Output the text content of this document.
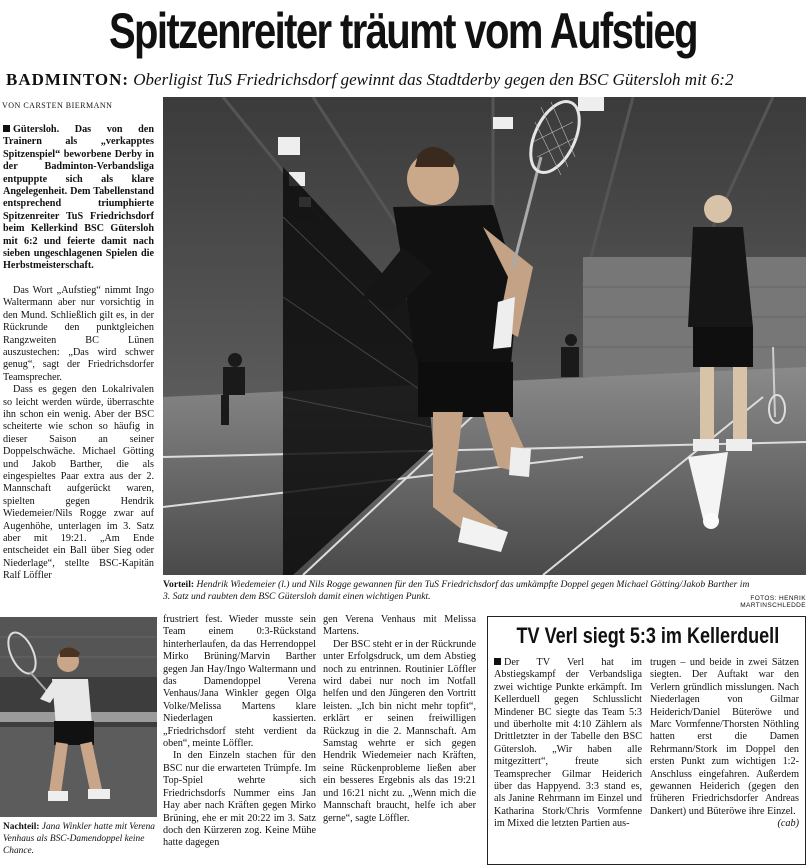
Spitzenreiter träumt vom Aufstieg
BADMINTON: Oberligist TuS Friedrichsdorf gewinnt das Stadtderby gegen den BSC Gütersloh mit 6:2
VON CARSTEN BIERMANN

Gütersloh. Das von den Trainern als „verkapptes Spitzenspiel“ beworbene Derby in der Badminton-Verbandsliga entpuppte sich als klare Angelegenheit. Dem Tabellenstand entsprechend triumphierte Spitzenreiter TuS Friedrichsdorf beim Kellerkind BSC Gütersloh mit 6:2 und feierte damit nach sieben ungeschlagenen Spielen die Herbstmeisterschaft.

Das Wort „Aufstieg“ nimmt Ingo Waltermann aber nur vorsichtig in den Mund. Schließlich gilt es, in der Rückrunde den punktgleichen Rangzweiten BC Lünen auszustechen: „Das wird schwer genug“, sagt der Friedrichsdorfer Teamsprecher.

Dass es gegen den Lokalrivalen so leicht werden würde, überraschte ihn schon ein wenig. Aber der BSC scheiterte wie schon so häufig in dieser Saison an seiner Doppelschwäche. Michael Götting und Jakob Barther, die als eingespieltes Paar extra aus der 2. Mannschaft aufgerückt waren, spielten gegen Hendrik Wiedemeier/Nils Rogge zwar auf Augenhöhe, unterlagen im 3. Satz aber mit 19:21. „Am Ende entscheidet ein Ball über Sieg oder Niederlage“, stellte BSC-Kapitän Ralf Löffler

Vorteil: Hendrik Wiedemeier (l.) und Nils Rogge gewannen für den TuS Friedrichsdorf das umkämpfte Doppel gegen Michael Götting/Jakob Barther im 3. Satz und raubten dem BSC Gütersloh damit einen wichtigen Punkt.	FOTOS: HENRIK MARTINSCHLEDDE
Nachteil: Jana Winkler hatte mit Verena Venhaus als BSC-Damendoppel keine Chance.

frustriert fest. Wieder musste sein Team einem 0:3-Rückstand hinterherlaufen, da das Herrendoppel Mirko Brüning/Marvin Barther gegen Jan Hay/Ingo Waltermann und das Damendoppel Verena Venhaus/Jana Winkler gegen Olga Volke/Melissa Martens klare Niederlagen kassierten. „Friedrichsdorf steht verdient da oben“, meinte Löffler.

In den Einzeln stachen für den BSC nur die erwarteten Trümpfe. Im Top-Spiel wehrte sich Friedrichsdorfs Nummer eins Jan Hay aber nach Kräften gegen Mirko Brüning, ehe er mit 20:22 im 3. Satz doch den Kürzeren zog. Keine Mühe hatte dagegen

gen Verena Venhaus mit Melissa Martens.

Der BSC steht er in der Rückrunde unter Erfolgsdruck, um dem Abstieg noch zu entrinnen. Routinier Löffler wird dabei nur noch im Notfall helfen und den Jüngeren den Vortritt leisten. „Ich bin nicht mehr topfit“, erklärt er seinen freiwilligen Rückzug in die 2. Mannschaft. Am Samstag wehrte er sich gegen Hendrik Wiedemeier nach Kräften, seine Rückenprobleme ließen aber ein besseres Ergebnis als das 19:21 und 16:21 nicht zu. „Wenn mich die Mannschaft braucht, helfe ich aber gerne“, sagte Löffler.

TV Verl siegt 5:3 im Kellerduell

Der TV Verl hat im Abstiegskampf der Verbandsliga zwei wichtige Punkte erkämpft. Im Kellerduell gegen Schlusslicht Mindener BC siegte das Team 5:3 und überholte mit 4:10 Zählern als Drittletzter in der Tabelle den BSC Gütersloh. „Wir haben alle mitgezittert“, freute sich Teamsprecher Gilmar Heiderich über das Happyend. 3:3 stand es, als Janine Rehrmann im Einzel und Katharina Stork/Chris Vormfenne im Mixed die letzten Partien aus-

trugen – und beide in zwei Sätzen siegten. Der Auftakt war den Verlern gründlich misslungen. Nach Niederlagen von Gilmar Heiderich/Daniel Büteröwe und Marc Vormfenne/Thorsten Nöthling hatten erst die Damen Rehrmann/Stork im Doppel den ersten Punkt zum wichtigen 1:2-Anschluss eingefahren. Außerdem gewannen Heiderich (gegen den früheren Friedrichsdorfer Andreas Dankert) und Büteröwe ihre Einzel.

(cab)
